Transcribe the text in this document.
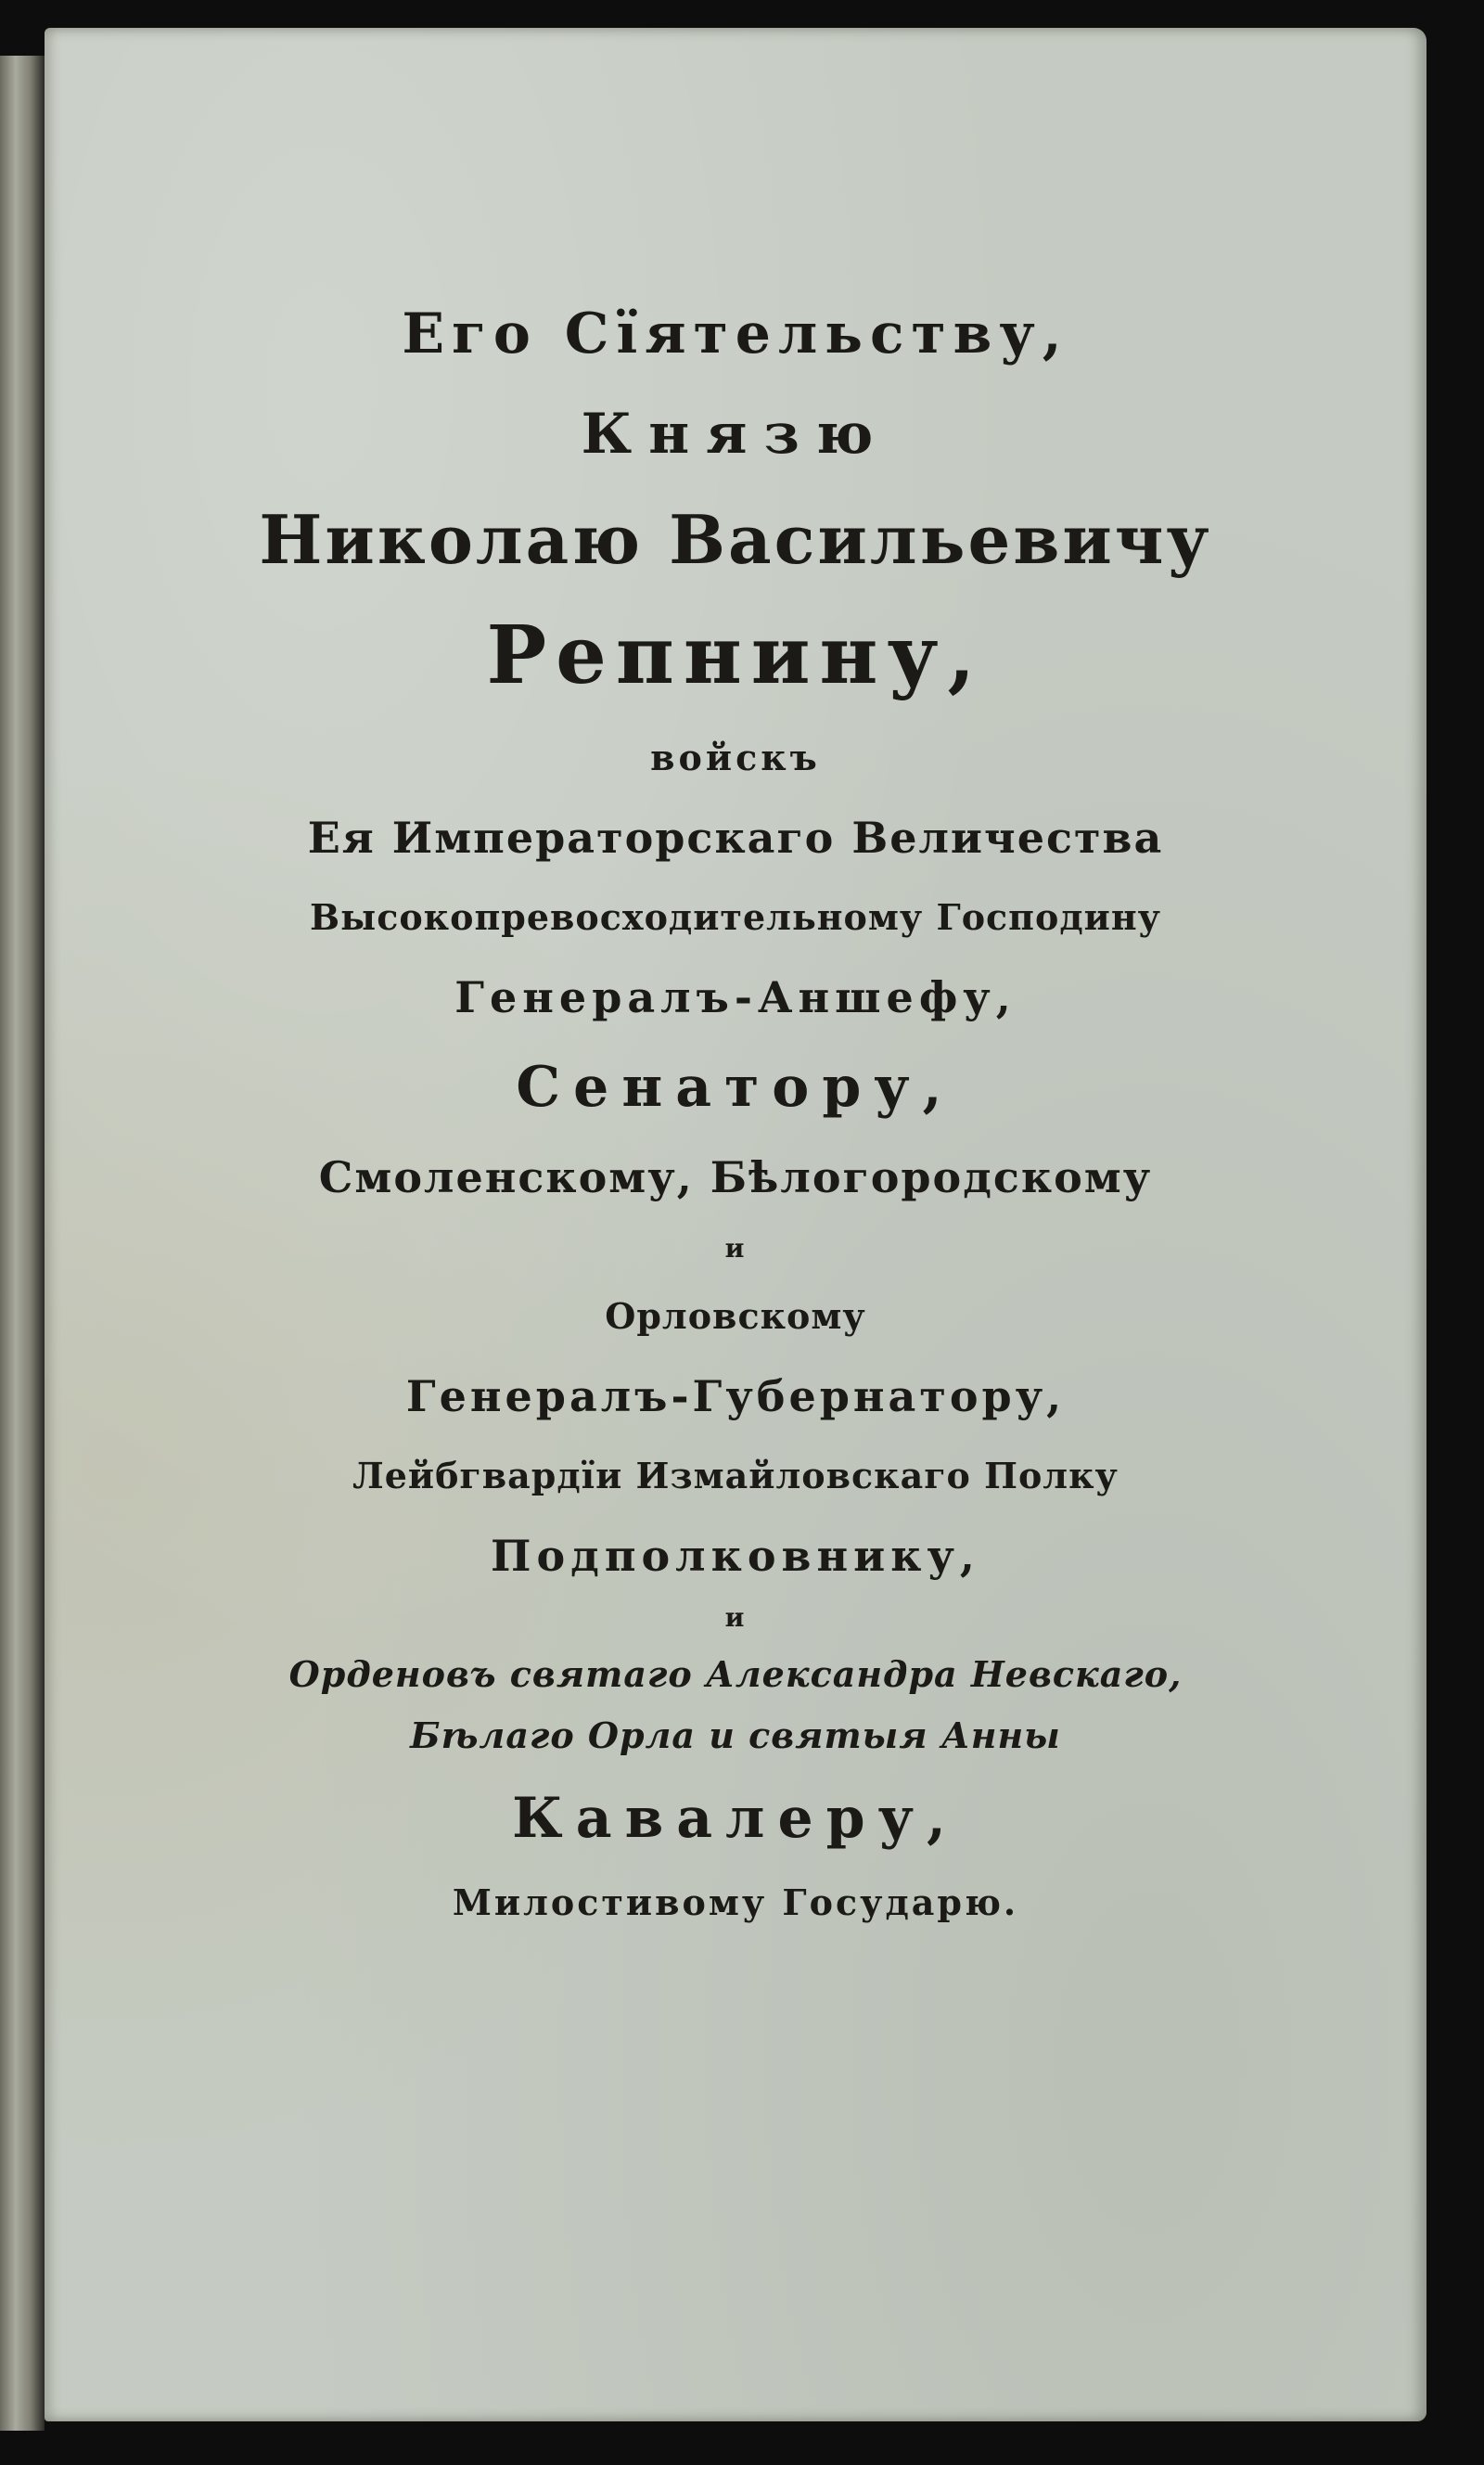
Его Сїятельству,
Князю
Николаю Васильевичу
Репнину,
войскъ
Ея Императорскаго Величества
Высокопревосходительному Господину
Генералъ-Аншефу,
Сенатору,
Смоленскому, Бѣлогородскому
и
Орловскому
Генералъ-Губернатору,
Лейбгвардїи Измайловскаго Полку
Подполковнику,
и
Орденовъ святаго Александра Невскаго,
Бѣлаго Орла и святыя Анны
Кавалеру,
Милостивому Государю.
